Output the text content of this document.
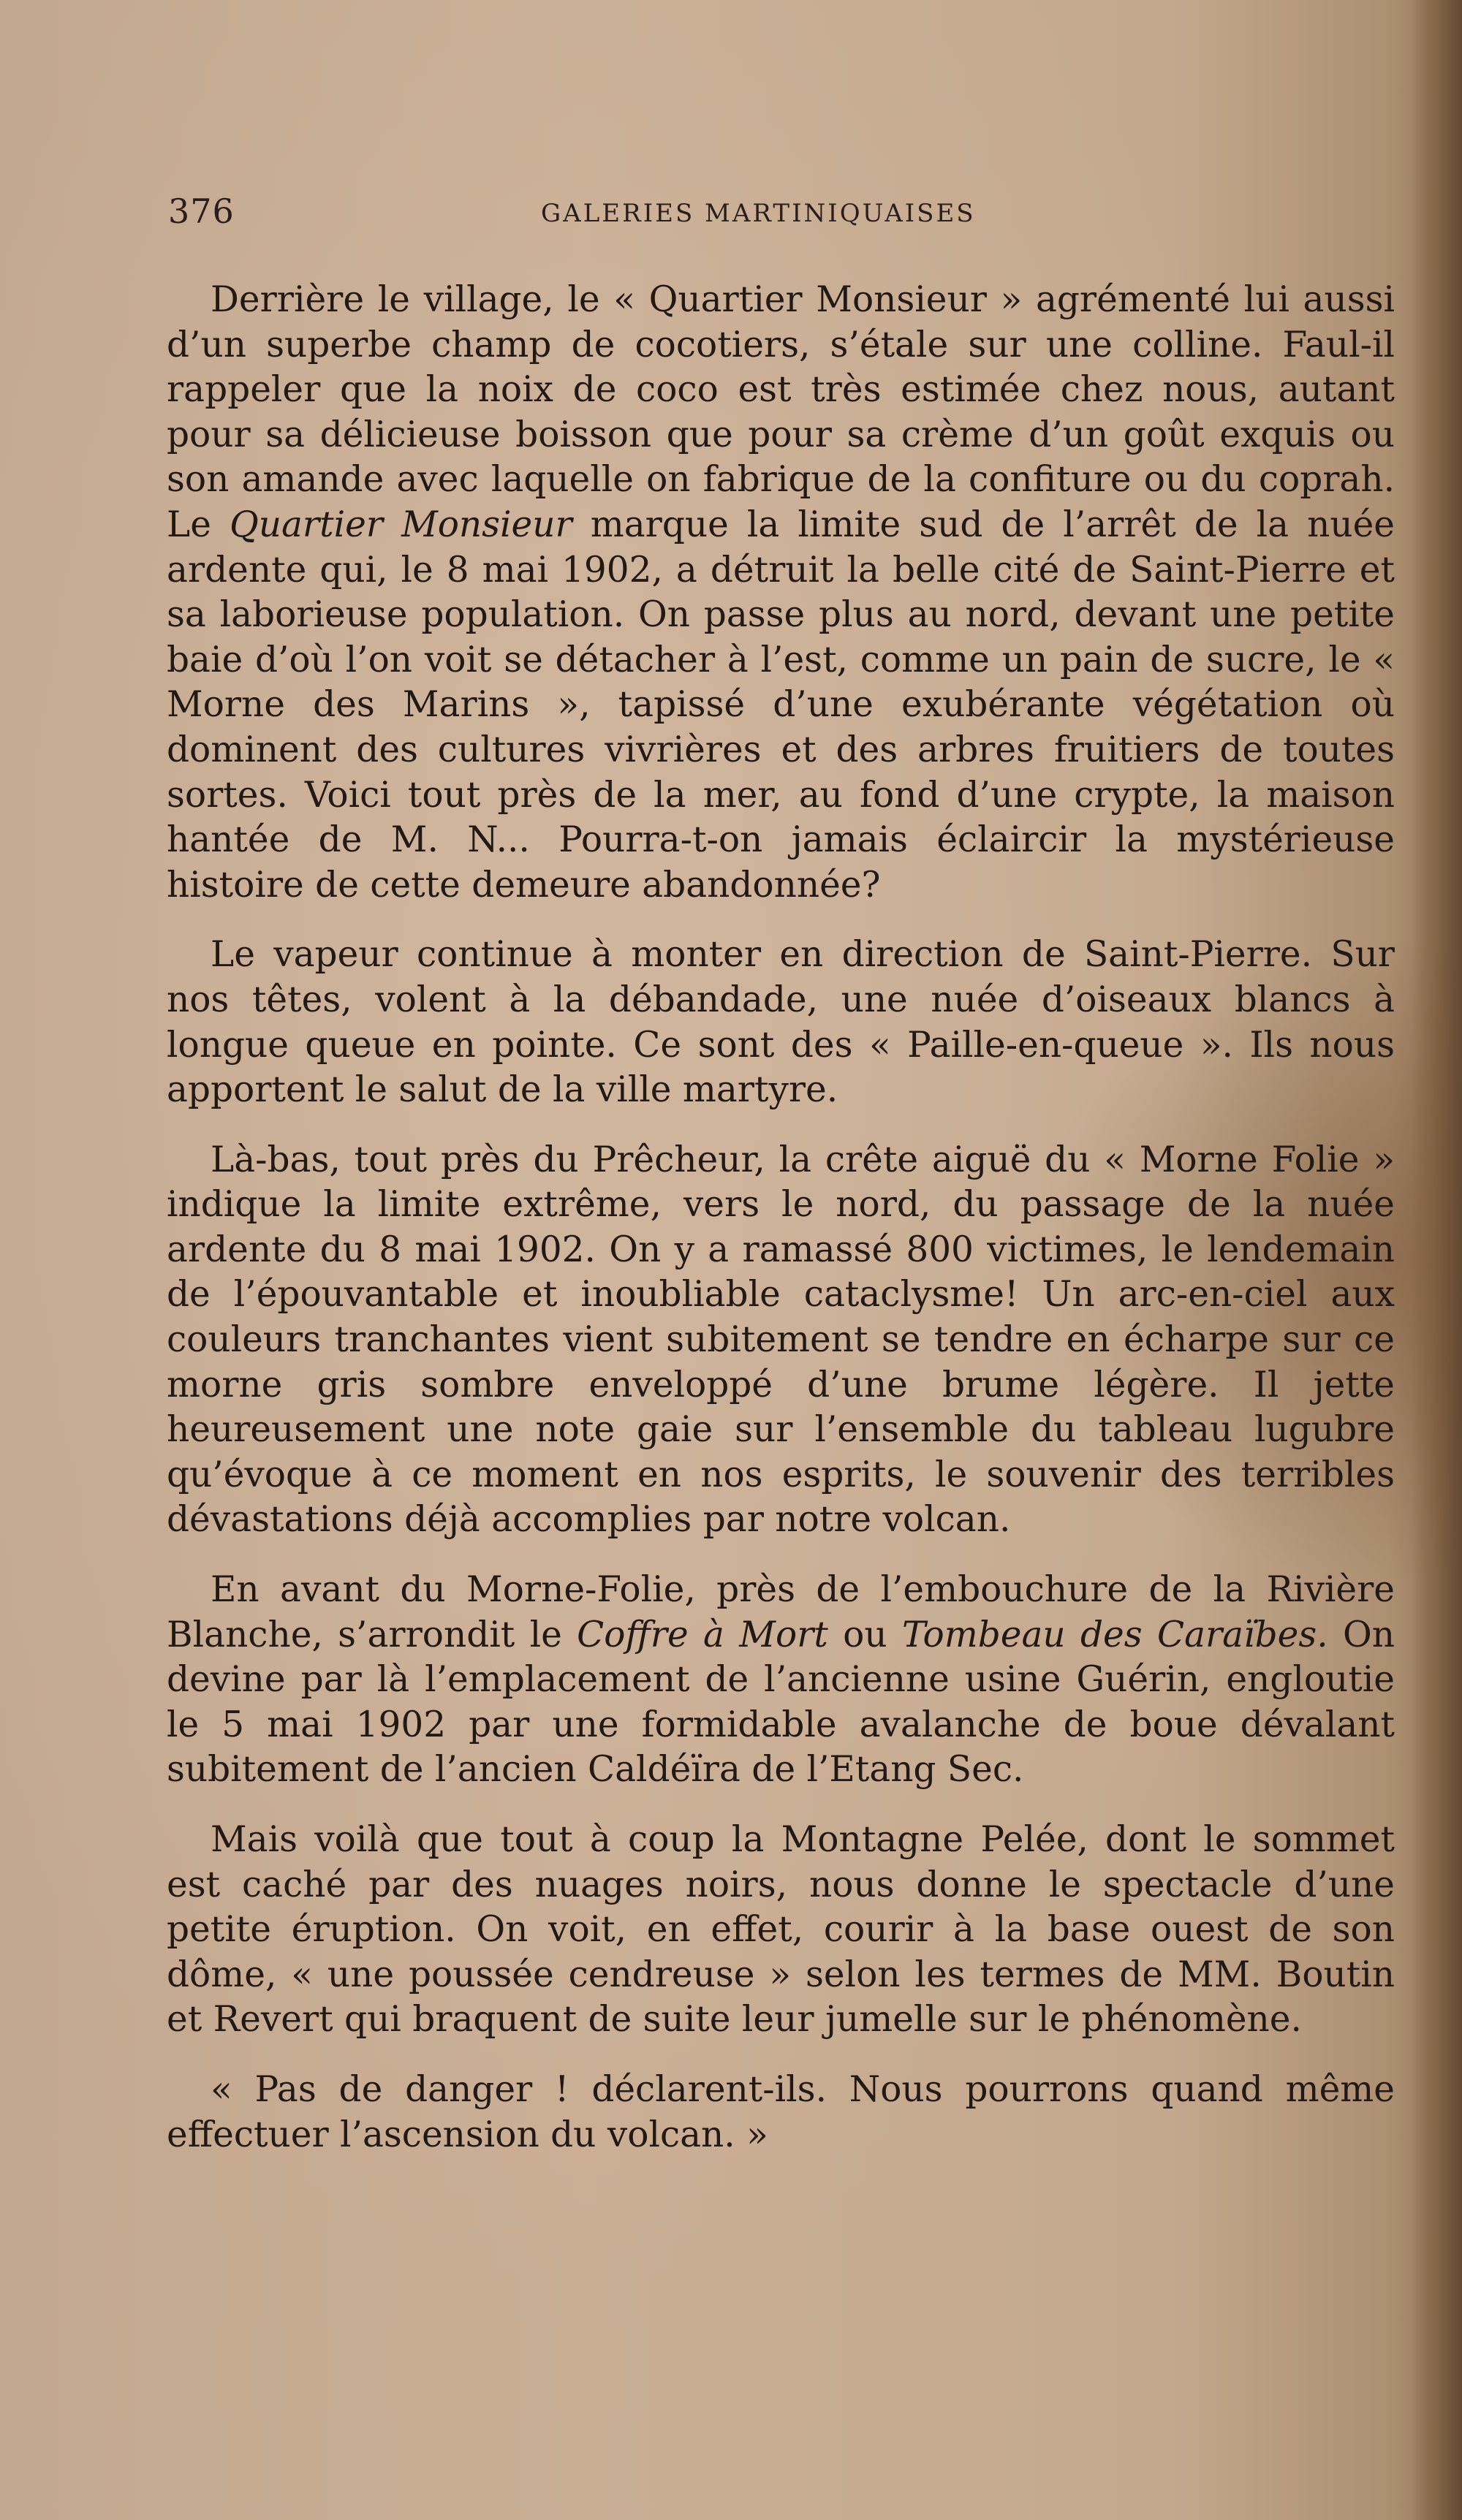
376	GALERIES MARTINIQUAISES

Derrière le village, le « Quartier Monsieur » agrémenté lui aussi d’un superbe champ de cocotiers, s’étale sur une colline. Faul-il rappeler que la noix de coco est très estimée chez nous, autant pour sa délicieuse boisson que pour sa crème d’un goût exquis ou son amande avec laquelle on fabrique de la confiture ou du coprah. Le Quartier Monsieur marque la limite sud de l’arrêt de la nuée ardente qui, le 8 mai 1902, a détruit la belle cité de Saint-Pierre et sa laborieuse population. On passe plus au nord, devant une petite baie d’où l’on voit se détacher à l’est, comme un pain de sucre, le « Morne des Marins », tapissé d’une exubérante végétation où dominent des cultures vivrières et des arbres fruitiers de toutes sortes. Voici tout près de la mer, au fond d’une crypte, la maison hantée de M. N... Pourra-t-on jamais éclaircir la mystérieuse histoire de cette demeure abandonnée?

Le vapeur continue à monter en direction de Saint-Pierre. Sur nos têtes, volent à la débandade, une nuée d’oiseaux blancs à longue queue en pointe. Ce sont des « Paille-en-queue ». Ils nous apportent le salut de la ville martyre.

Là-bas, tout près du Prêcheur, la crête aiguë du « Morne Folie » indique la limite extrême, vers le nord, du passage de la nuée ardente du 8 mai 1902. On y a ramassé 800 victimes, le lendemain de l’épouvantable et inoubliable cataclysme! Un arc-en-ciel aux couleurs tranchantes vient subitement se tendre en écharpe sur ce morne gris sombre enveloppé d’une brume légère. Il jette heureusement une note gaie sur l’ensemble du tableau lugubre qu’évoque à ce moment en nos esprits, le souvenir des terribles dévastations déjà accomplies par notre volcan.

En avant du Morne-Folie, près de l’embouchure de la Rivière Blanche, s’arrondit le Coffre à Mort ou Tombeau des Caraïbes. On devine par là l’emplacement de l’ancienne usine Guérin, engloutie le 5 mai 1902 par une formidable avalanche de boue dévalant subitement de l’ancien Caldéïra de l’Etang Sec.

Mais voilà que tout à coup la Montagne Pelée, dont le sommet est caché par des nuages noirs, nous donne le spectacle d’une petite éruption. On voit, en effet, courir à la base ouest de son dôme, « une poussée cendreuse » selon les termes de MM. Boutin et Revert qui braquent de suite leur jumelle sur le phénomène.

« Pas de danger ! déclarent-ils. Nous pourrons quand même effectuer l’ascension du volcan. »
